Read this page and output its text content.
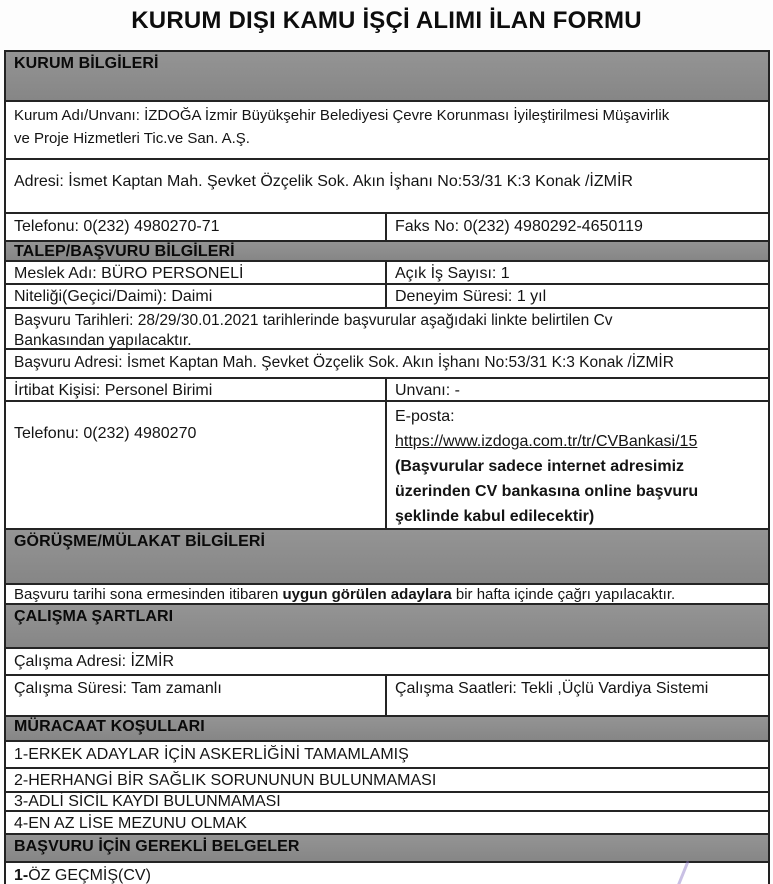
KURUM DIŞI KAMU İŞÇİ ALIMI İLAN FORMU
KURUM BİLGİLERİ
Kurum Adı/Unvanı: İZDOĞA İzmir Büyükşehir Belediyesi Çevre Korunması İyileştirilmesi Müşavirlik
ve Proje Hizmetleri Tic.ve San. A.Ş.
Adresi: İsmet Kaptan Mah. Şevket Özçelik Sok. Akın İşhanı No:53/31 K:3 Konak /İZMİR
Telefonu: 0(232) 4980270-71	Faks No: 0(232) 4980292-4650119
TALEP/BAŞVURU BİLGİLERİ
Meslek Adı: BÜRO PERSONELİ	Açık İş Sayısı: 1
Niteliği(Geçici/Daimi): Daimi	Deneyim Süresi: 1 yıl
Başvuru Tarihleri: 28/29/30.01.2021 tarihlerinde başvurular aşağıdaki linkte belirtilen Cv
Bankasından yapılacaktır.
Başvuru Adresi: İsmet Kaptan Mah. Şevket Özçelik Sok. Akın İşhanı No:53/31 K:3 Konak /İZMİR
İrtibat Kişisi: Personel Birimi	Unvanı: -
Telefonu: 0(232) 4980270
E-posta:
https://www.izdoga.com.tr/tr/CVBankasi/15
(Başvurular sadece internet adresimiz
üzerinden CV bankasına online başvuru
şeklinde kabul edilecektir)
GÖRÜŞME/MÜLAKAT BİLGİLERİ
Başvuru tarihi sona ermesinden itibaren uygun görülen adaylara bir hafta içinde çağrı yapılacaktır.
ÇALIŞMA ŞARTLARI
Çalışma Adresi: İZMİR
Çalışma Süresi: Tam zamanlı	Çalışma Saatleri: Tekli ,Üçlü Vardiya Sistemi
MÜRACAAT KOŞULLARI
1-ERKEK ADAYLAR İÇİN ASKERLİĞİNİ TAMAMLAMIŞ
2-HERHANGİ BİR SAĞLIK SORUNUNUN BULUNMAMASI
3-ADLİ SİCİL KAYDI BULUNMAMASI
4-EN AZ LİSE MEZUNU OLMAK
BAŞVURU İÇİN GEREKLİ BELGELER
1-ÖZ GEÇMİŞ(CV)
